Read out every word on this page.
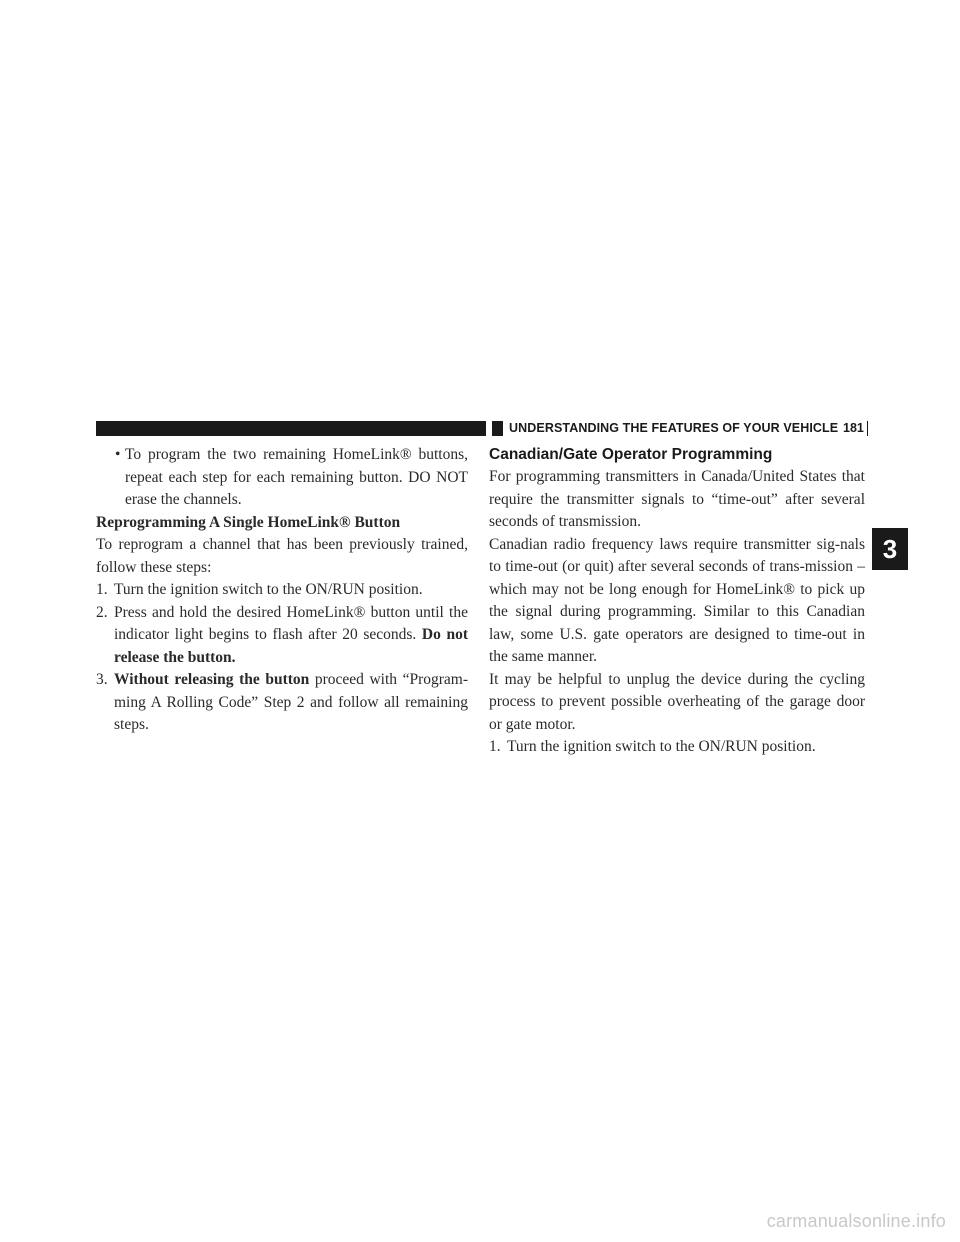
UNDERSTANDING THE FEATURES OF YOUR VEHICLE 181
3

• To program the two remaining HomeLink® buttons, repeat each step for each remaining button. DO NOT erase the channels.

Reprogramming A Single HomeLink® Button

To reprogram a channel that has been previously trained, follow these steps:

1. Turn the ignition switch to the ON/RUN position.

2. Press and hold the desired HomeLink® button until the indicator light begins to flash after 20 seconds. Do not release the button.

3. Without releasing the button proceed with “Program-ming A Rolling Code” Step 2 and follow all remaining steps.

Canadian/Gate Operator Programming

For programming transmitters in Canada/United States that require the transmitter signals to “time-out” after several seconds of transmission.

Canadian radio frequency laws require transmitter sig-nals to time-out (or quit) after several seconds of trans-mission – which may not be long enough for HomeLink® to pick up the signal during programming. Similar to this Canadian law, some U.S. gate operators are designed to time-out in the same manner.

It may be helpful to unplug the device during the cycling process to prevent possible overheating of the garage door or gate motor.

1. Turn the ignition switch to the ON/RUN position.

carmanualsonline.info
